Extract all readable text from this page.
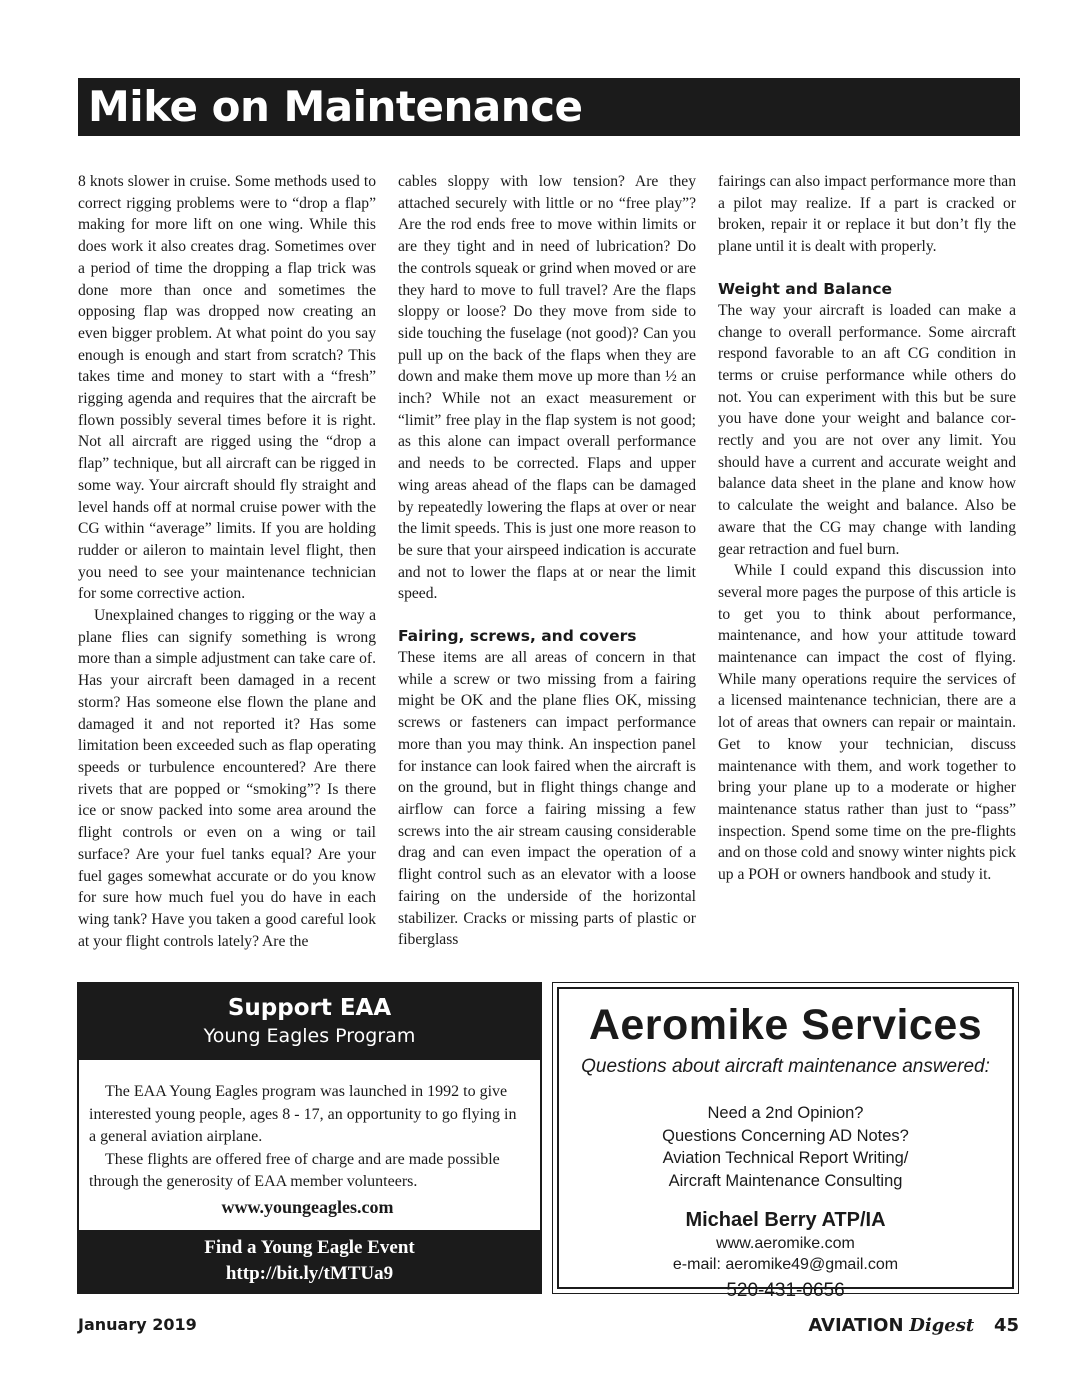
Mike on Maintenance

8 knots slower in cruise. Some methods used to correct rigging problems were to “drop a flap” making for more lift on one wing. While this does work it also creates drag. Sometimes over a period of time the dropping a flap trick was done more than once and sometimes the opposing flap was dropped now creating an even bigger problem. At what point do you say enough is enough and start from scratch? This takes time and money to start with a “fresh” rigging agenda and requires that the aircraft be flown possibly several times before it is right. Not all aircraft are rigged using the “drop a flap” technique, but all aircraft can be rigged in some way. Your aircraft should fly straight and level hands off at normal cruise power with the CG within “average” limits. If you are holding rudder or aileron to maintain level flight, then you need to see your maintenance technician for some corrective action.

Unexplained changes to rigging or the way a plane flies can signify something is wrong more than a simple adjustment can take care of. Has your aircraft been damaged in a recent storm? Has someone else flown the plane and damaged it and not reported it? Has some limitation been exceeded such as flap operating speeds or turbulence encountered? Are there rivets that are popped or “smoking”? Is there ice or snow packed into some area around the flight controls or even on a wing or tail surface? Are your fuel tanks equal? Are your fuel gages somewhat accurate or do you know for sure how much fuel you do have in each wing tank? Have you taken a good careful look at your flight controls lately? Are the

cables sloppy with low tension? Are they attached securely with little or no “free play”? Are the rod ends free to move within limits or are they tight and in need of lubrication? Do the controls squeak or grind when moved or are they hard to move to full travel? Are the flaps sloppy or loose? Do they move from side to side touching the fuselage (not good)? Can you pull up on the back of the flaps when they are down and make them move up more than ½ an inch? While not an exact measurement or “limit” free play in the flap system is not good; as this alone can impact overall performance and needs to be corrected. Flaps and upper wing areas ahead of the flaps can be damaged by repeatedly lowering the flaps at over or near the limit speeds. This is just one more reason to be sure that your airspeed indication is accurate and not to lower the flaps at or near the limit speed.

Fairing, screws, and covers

These items are all areas of concern in that while a screw or two missing from a fairing might be OK and the plane flies OK, missing screws or fasteners can impact performance more than you may think. An inspection panel for instance can look faired when the aircraft is on the ground, but in flight things change and airflow can force a fairing missing a few screws into the air stream causing considerable drag and can even impact the operation of a flight control such as an elevator with a loose fairing on the underside of the horizontal stabilizer. Cracks or missing parts of plastic or fiberglass

fairings can also impact performance more than a pilot may realize. If a part is cracked or broken, repair it or replace it but don’t fly the plane until it is dealt with properly.

Weight and Balance

The way your aircraft is loaded can make a change to overall performance. Some aircraft respond favorable to an aft CG condition in terms or cruise performance while others do not. You can experiment with this but be sure you have done your weight and balance correctly and you are not over any limit. You should have a current and accurate weight and balance data sheet in the plane and know how to calculate the weight and balance. Also be aware that the CG may change with landing gear retraction and fuel burn.

While I could expand this discussion into several more pages the purpose of this article is to get you to think about performance, maintenance, and how your attitude toward maintenance can impact the cost of flying. While many operations require the services of a licensed maintenance technician, there are a lot of areas that owners can repair or maintain. Get to know your technician, discuss maintenance with them, and work together to bring your plane up to a moderate or higher maintenance status rather than just to “pass” inspection. Spend some time on the pre-flights and on those cold and snowy winter nights pick up a POH or owners handbook and study it.

Support EAA
Young Eagles Program

The EAA Young Eagles program was launched in 1992 to give interested young people, ages 8 - 17, an opportunity to go flying in a general aviation airplane.

These flights are offered free of charge and are made possible through the generosity of EAA member volunteers.

www.youngeagles.com
Find a Young Eagle Event
http://bit.ly/tMTUa9
Aeromike Services
Questions about aircraft maintenance answered:
Need a 2nd Opinion?
Questions Concerning AD Notes?
Aviation Technical Report Writing/
Aircraft Maintenance Consulting
Michael Berry ATP/IA
www.aeromike.com
e-mail: aeromike49@gmail.com
520-431-0656
January 2019	AVIATION Digest 45
